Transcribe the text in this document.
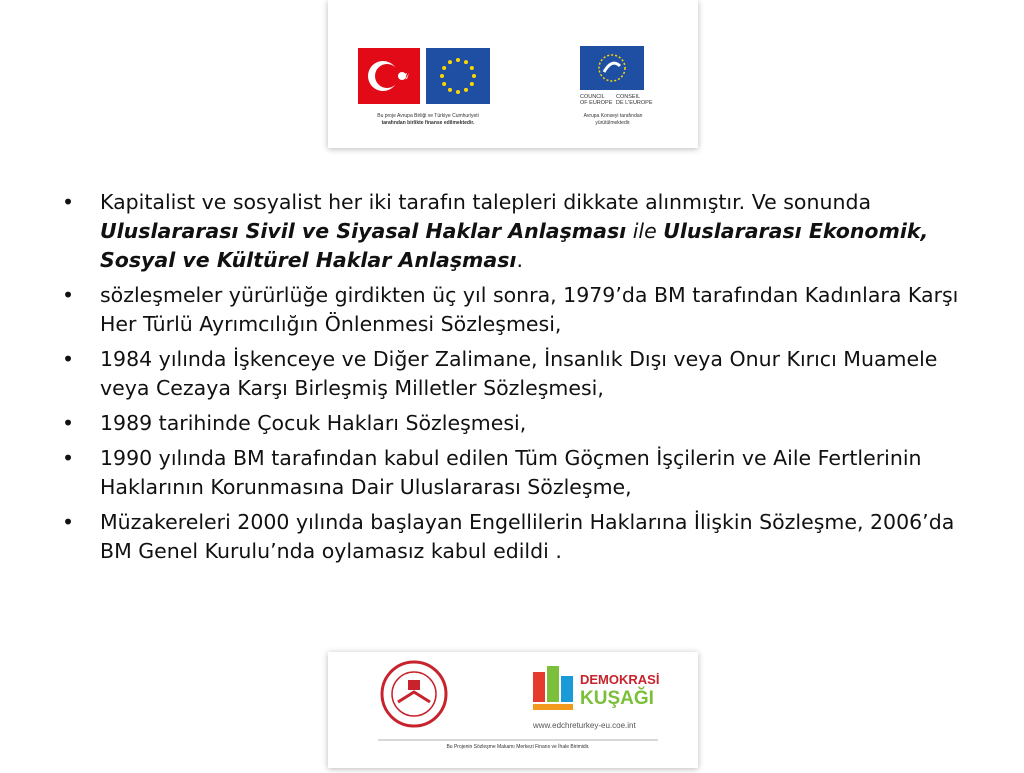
COUNCIL
OF EUROPE
CONSEIL
DE L'EUROPE
Bu proje Avrupa Birliği ve Türkiye Cumhuriyeti
tarafından birlikte finanse edilmektedir.
Avrupa Konseyi tarafından
yürütülmektedir.
• Kapitalist ve sosyalist her iki tarafın talepleri dikkate alınmıştır. Ve sonunda Uluslararası Sivil ve Siyasal Haklar Anlaşması ile Uluslararası Ekonomik, Sosyal ve Kültürel Haklar Anlaşması.
• sözleşmeler yürürlüğe girdikten üç yıl sonra, 1979’da BM tarafından Kadınlara Karşı Her Türlü Ayrımcılığın Önlenmesi Sözleşmesi,
• 1984 yılında İşkenceye ve Diğer Zalimane, İnsanlık Dışı veya Onur Kırıcı Muamele veya Cezaya Karşı Birleşmiş Milletler Sözleşmesi,
• 1989 tarihinde Çocuk Hakları Sözleşmesi,
• 1990 yılında BM tarafından kabul edilen Tüm Göçmen İşçilerin ve Aile Fertlerinin Haklarının Korunmasına Dair Uluslararası Sözleşme,
• Müzakereleri 2000 yılında başlayan Engellilerin Haklarına İlişkin Sözleşme, 2006’da BM Genel Kurulu’nda oylamasız kabul edildi .
DEMOKRASİ
KUŞAĞI
www.edchreturkey-eu.coe.int
Bu Projenin Sözleşme Makamı Merkezi Finans ve İhale Birimidir.
